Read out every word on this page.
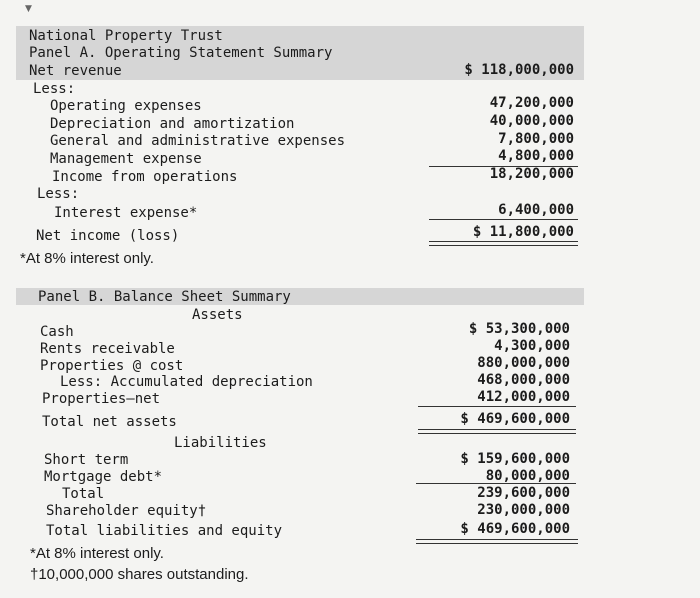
▼
National Property Trust
Panel A. Operating Statement Summary
Net revenue	$ 118,000,000
Less:
Operating expenses	47,200,000
Depreciation and amortization	40,000,000
General and administrative expenses	7,800,000
Management expense	4,800,000
Income from operations	18,200,000
Less:
Interest expense*	6,400,000
Net income (loss)	$ 11,800,000
*At 8% interest only.
Panel B. Balance Sheet Summary
Assets
Cash	$ 53,300,000
Rents receivable	4,300,000
Properties @ cost	880,000,000
Less: Accumulated depreciation	468,000,000
Properties—net	412,000,000
Total net assets	$ 469,600,000
Liabilities
Short term	$ 159,600,000
Mortgage debt*	80,000,000
Total	239,600,000
Shareholder equity†	230,000,000
Total liabilities and equity	$ 469,600,000
*At 8% interest only.
†10,000,000 shares outstanding.
